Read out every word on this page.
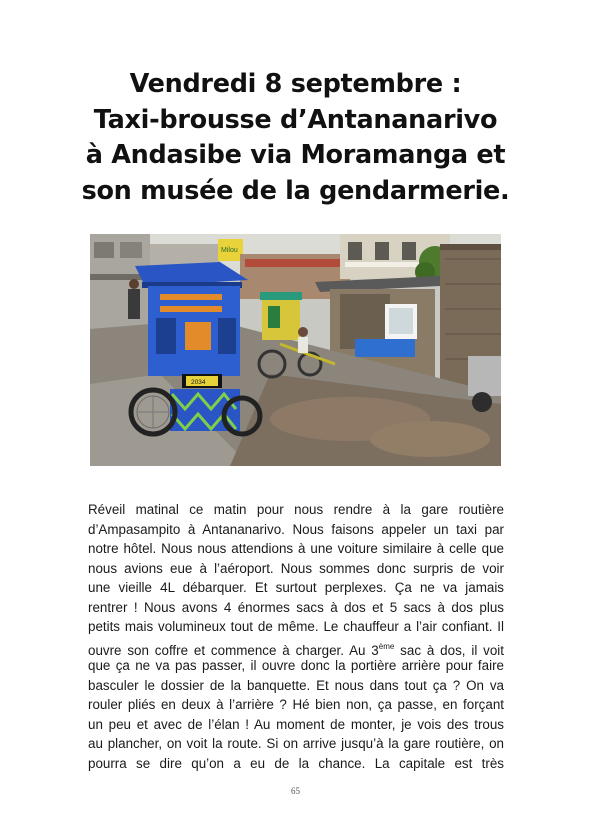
Vendredi 8 septembre :
Taxi-brousse d’Antananarivo
à Andasibe via Moramanga et
son musée de la gendarmerie.
Milou
2034
Réveil matinal ce matin pour nous rendre à la gare routière
d’Ampasampito à Antananarivo. Nous faisons appeler un taxi par
notre hôtel. Nous nous attendions à une voiture similaire à celle que
nous avions eue à l’aéroport. Nous sommes donc surpris de voir
une vieille 4L débarquer. Et surtout perplexes. Ça ne va jamais
rentrer ! Nous avons 4 énormes sacs à dos et 5 sacs à dos plus
petits mais volumineux tout de même. Le chauffeur a l’air confiant. Il
ouvre son coffre et commence à charger. Au 3ème sac à dos, il voit
que ça ne va pas passer, il ouvre donc la portière arrière pour faire
basculer le dossier de la banquette. Et nous dans tout ça ? On va
rouler pliés en deux à l’arrière ? Hé bien non, ça passe, en forçant
un peu et avec de l’élan ! Au moment de monter, je vois des trous
au plancher, on voit la route. Si on arrive jusqu’à la gare routière, on
pourra se dire qu’on a eu de la chance. La capitale est très
65
